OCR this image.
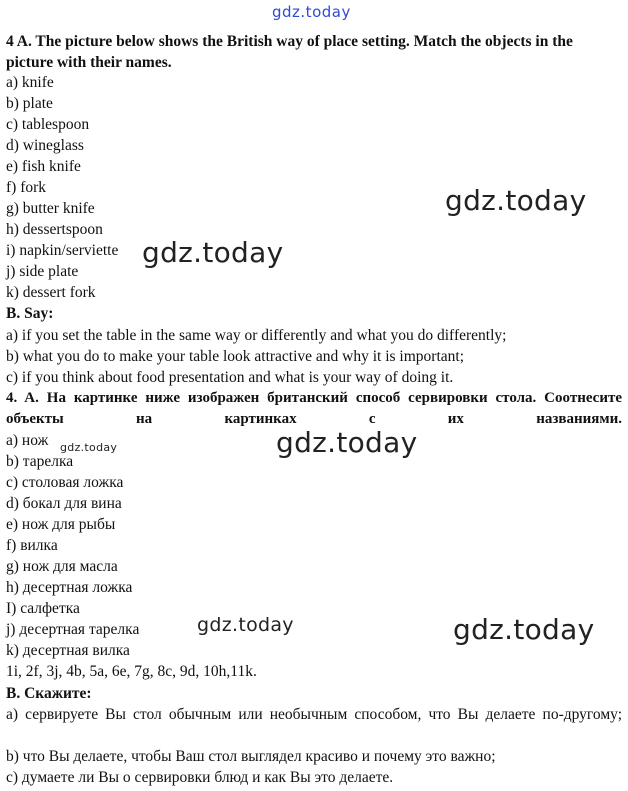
gdz.today
gdz.today
gdz.today
gdz.today
gdz.today
gdz.today	gdz.today
4 A. The picture below shows the British way of place setting. Match the objects in the picture with their names.
a) knife
b) plate
c) tablespoon
d) wineglass
e) fish knife
f) fork
g) butter knife
h) dessertspoon
i) napkin/serviette
j) side plate
k) dessert fork
B. Say:
a) if you set the table in the same way or differently and what you do differently;
b) what you do to make your table look attractive and why it is important;
c) if you think about food presentation and what is your way of doing it.
4. A. На картинке ниже изображен британский способ сервировки стола. Соотнесите объекты на картинках с их названиями.
а) нож
b) тарелка
c) столовая ложка
d) бокал для вина
e) нож для рыбы
f) вилка
g) нож для масла
h) десертная ложка
I) салфетка
j) десертная тарелка
k) десертная вилка
1i, 2f, 3j, 4b, 5a, 6e, 7g, 8c, 9d, 10h,11k.
В. Скажите:
а) сервируете Вы стол обычным или необычным способом, что Вы делаете по-другому;
b) что Вы делаете, чтобы Ваш стол выглядел красиво и почему это важно;
c) думаете ли Вы о сервировки блюд и как Вы это делаете.
